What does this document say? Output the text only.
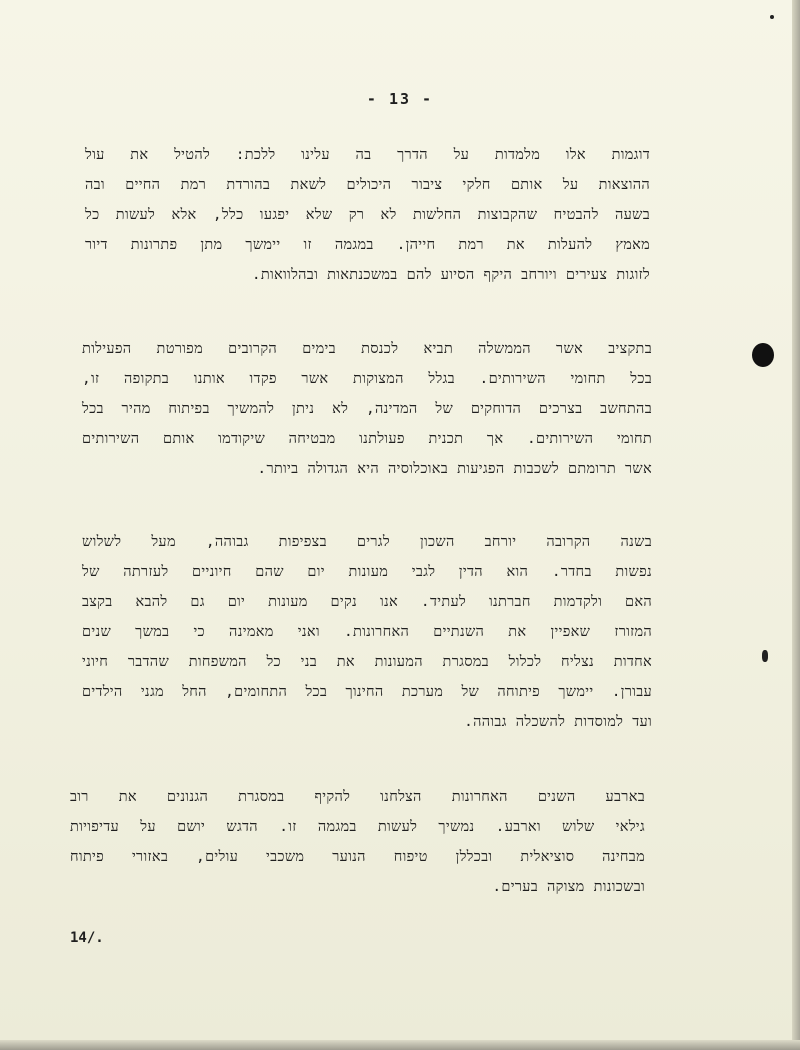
- 13 -
דוגמות אלו מלמדות על הדרך בה עלינו ללכת: להטיל את עול
ההוצאות על אותם חלקי ציבור היכולים לשאת בהורדת רמת החיים ובה
בשעה להבטיח שהקבוצות החלשות לא רק שלא יפגעו כלל, אלא לעשות כל
מאמץ להעלות את רמת חייהן. במגמה זו יימשך מתן פתרונות דיור
לזוגות צעירים ויורחב היקף הסיוע להם במשכנתאות ובהלוואות.
בתקציב אשר הממשלה תביא לכנסת בימים הקרובים מפורטת הפעילות
בכל תחומי השירותים. בגלל המצוקות אשר פקדו אותנו בתקופה זו,
בהתחשב בצרכים הדוחקים של המדינה, לא ניתן להמשיך בפיתוח מהיר בכל
תחומי השירותים. אך תכנית פעולתנו מבטיחה שיקודמו אותם השירותים
אשר תרומתם לשכבות הפגיעות באוכלוסיה היא הגדולה ביותר.
בשנה הקרובה יורחב השכון לגרים בצפיפות גבוהה, מעל לשלוש
נפשות בחדר. הוא הדין לגבי מעונות יום שהם חיוניים לעזרתה של
האם ולקדמות חברתנו לעתיד. אנו נקים מעונות יום גם להבא בקצב
המזורז שאפיין את השנתיים האחרונות. ואני מאמינה כי במשך שנים
אחדות נצליח לכלול במסגרת המעונות את בני כל המשפחות שהדבר חיוני
עבורן. יימשך פיתוחה של מערכת החינוך בכל התחומים, החל מגני הילדים
ועד למוסדות להשכלה גבוהה.
בארבע השנים האחרונות הצלחנו להקיף במסגרת הגנונים את רוב
גילאי שלוש וארבע. נמשיך לעשות במגמה זו. הדגש יושם על עדיפויות
מבחינה סוציאלית ובכללן טיפוח הנוער משכבי עולים, באזורי פיתוח
ובשכונות מצוקה בערים.
14/.
